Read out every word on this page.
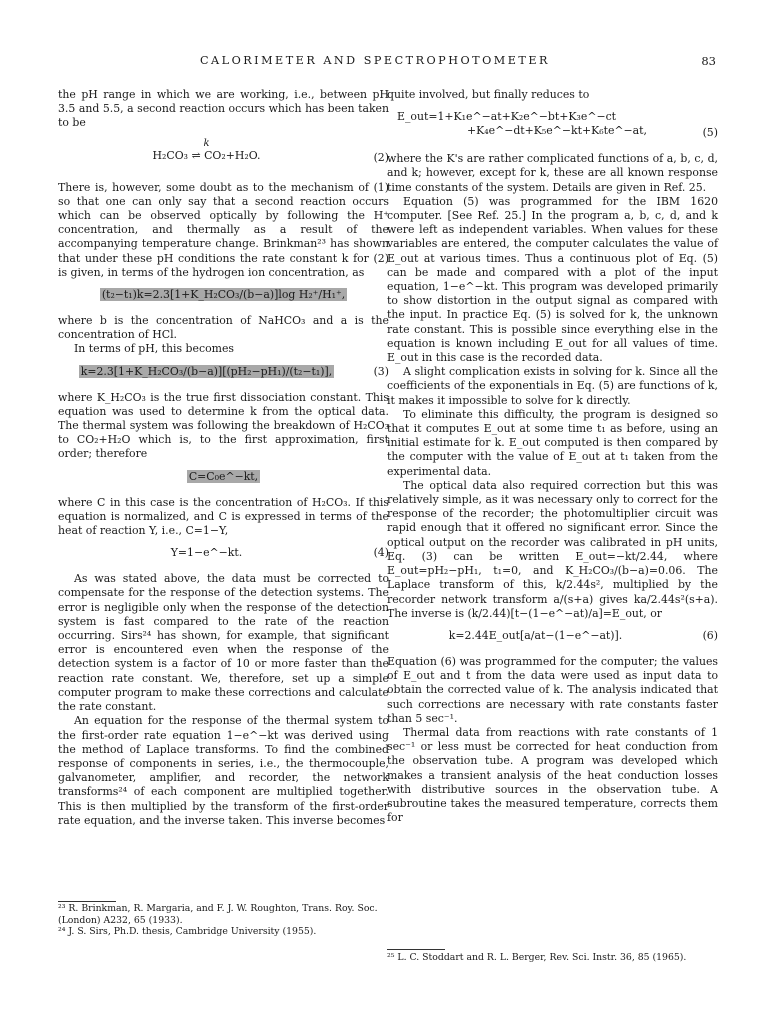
CALORIMETER AND SPECTROPHOTOMETER	83

the pH range in which we are working, i.e., between pH 3.5 and 5.5, a second reaction occurs which has been taken to be

k
H₂CO₃ ⇌ CO₂+H₂O.	(2)

There is, however, some doubt as to the mechanism of (1) so that one can only say that a second reaction occurs which can be observed optically by following the H⁺ concentration, and thermally as a result of the accompanying temperature change. Brinkman²³ has shown that under these pH conditions the rate constant k for (2) is given, in terms of the hydrogen ion concentration, as

(t₂−t₁)k=2.3[1+K_H₂CO₃/(b−a)]log H₂⁺/H₁⁺,

where b is the concentration of NaHCO₃ and a is the concentration of HCl.

In terms of pH, this becomes

k=2.3[1+K_H₂CO₃/(b−a)][(pH₂−pH₁)/(t₂−t₁)],	(3)

where K_H₂CO₃ is the true first dissociation constant. This equation was used to determine k from the optical data. The thermal system was following the breakdown of H₂CO₃ to CO₂+H₂O which is, to the first approximation, first order; therefore

C=C₀e^−kt,

where C in this case is the concentration of H₂CO₃. If this equation is normalized, and C is expressed in terms of the heat of reaction Y, i.e., C=1−Y,

Y=1−e^−kt.	(4)

As was stated above, the data must be corrected to compensate for the response of the detection systems. The error is negligible only when the response of the detection system is fast compared to the rate of the reaction occurring. Sirs²⁴ has shown, for example, that significant error is encountered even when the response of the detection system is a factor of 10 or more faster than the reaction rate constant. We, therefore, set up a simple computer program to make these corrections and calculate the rate constant.

An equation for the response of the thermal system to the first-order rate equation 1−e^−kt was derived using the method of Laplace transforms. To find the combined response of components in series, i.e., the thermocouple, galvanometer, amplifier, and recorder, the network transforms²⁴ of each component are multiplied together. This is then multiplied by the transform of the first-order rate equation, and the inverse taken. This inverse becomes

quite involved, but finally reduces to

E_out=1+K₁e^−at+K₂e^−bt+K₃e^−ct
+K₄e^−dt+K₅e^−kt+K₆te^−at,	(5)

where the K's are rather complicated functions of a, b, c, d, and k; however, except for k, these are all known response time constants of the system. Details are given in Ref. 25.

Equation (5) was programmed for the IBM 1620 computer. [See Ref. 25.] In the program a, b, c, d, and k were left as independent variables. When values for these variables are entered, the computer calculates the value of E_out at various times. Thus a continuous plot of Eq. (5) can be made and compared with a plot of the input equation, 1−e^−kt. This program was developed primarily to show distortion in the output signal as compared with the input. In practice Eq. (5) is solved for k, the unknown rate constant. This is possible since everything else in the equation is known including E_out for all values of time. E_out in this case is the recorded data.

A slight complication exists in solving for k. Since all the coefficients of the exponentials in Eq. (5) are functions of k, it makes it impossible to solve for k directly.

To eliminate this difficulty, the program is designed so that it computes E_out at some time t₁ as before, using an initial estimate for k. E_out computed is then compared by the computer with the value of E_out at t₁ taken from the experimental data.

The optical data also required correction but this was relatively simple, as it was necessary only to correct for the response of the recorder; the photomultiplier circuit was rapid enough that it offered no significant error. Since the optical output on the recorder was calibrated in pH units, Eq. (3) can be written E_out=−kt/2.44, where E_out=pH₂−pH₁, t₁=0, and K_H₂CO₃/(b−a)=0.06. The Laplace transform of this, k/2.44s², multiplied by the recorder network transform a/(s+a) gives ka/2.44s²(s+a). The inverse is (k/2.44)[t−(1−e^−at)/a]=E_out, or

k=2.44E_out[a/at−(1−e^−at)].	(6)

Equation (6) was programmed for the computer; the values of E_out and t from the data were used as input data to obtain the corrected value of k. The analysis indicated that such corrections are necessary with rate constants faster than 5 sec⁻¹.

Thermal data from reactions with rate constants of 1 sec⁻¹ or less must be corrected for heat conduction from the observation tube. A program was developed which makes a transient analysis of the heat conduction losses with distributive sources in the observation tube. A subroutine takes the measured temperature, corrects them for

²³ R. Brinkman, R. Margaria, and F. J. W. Roughton, Trans. Roy. Soc. (London) A232, 65 (1933).

²⁴ J. S. Sirs, Ph.D. thesis, Cambridge University (1955).

²⁵ L. C. Stoddart and R. L. Berger, Rev. Sci. Instr. 36, 85 (1965).
